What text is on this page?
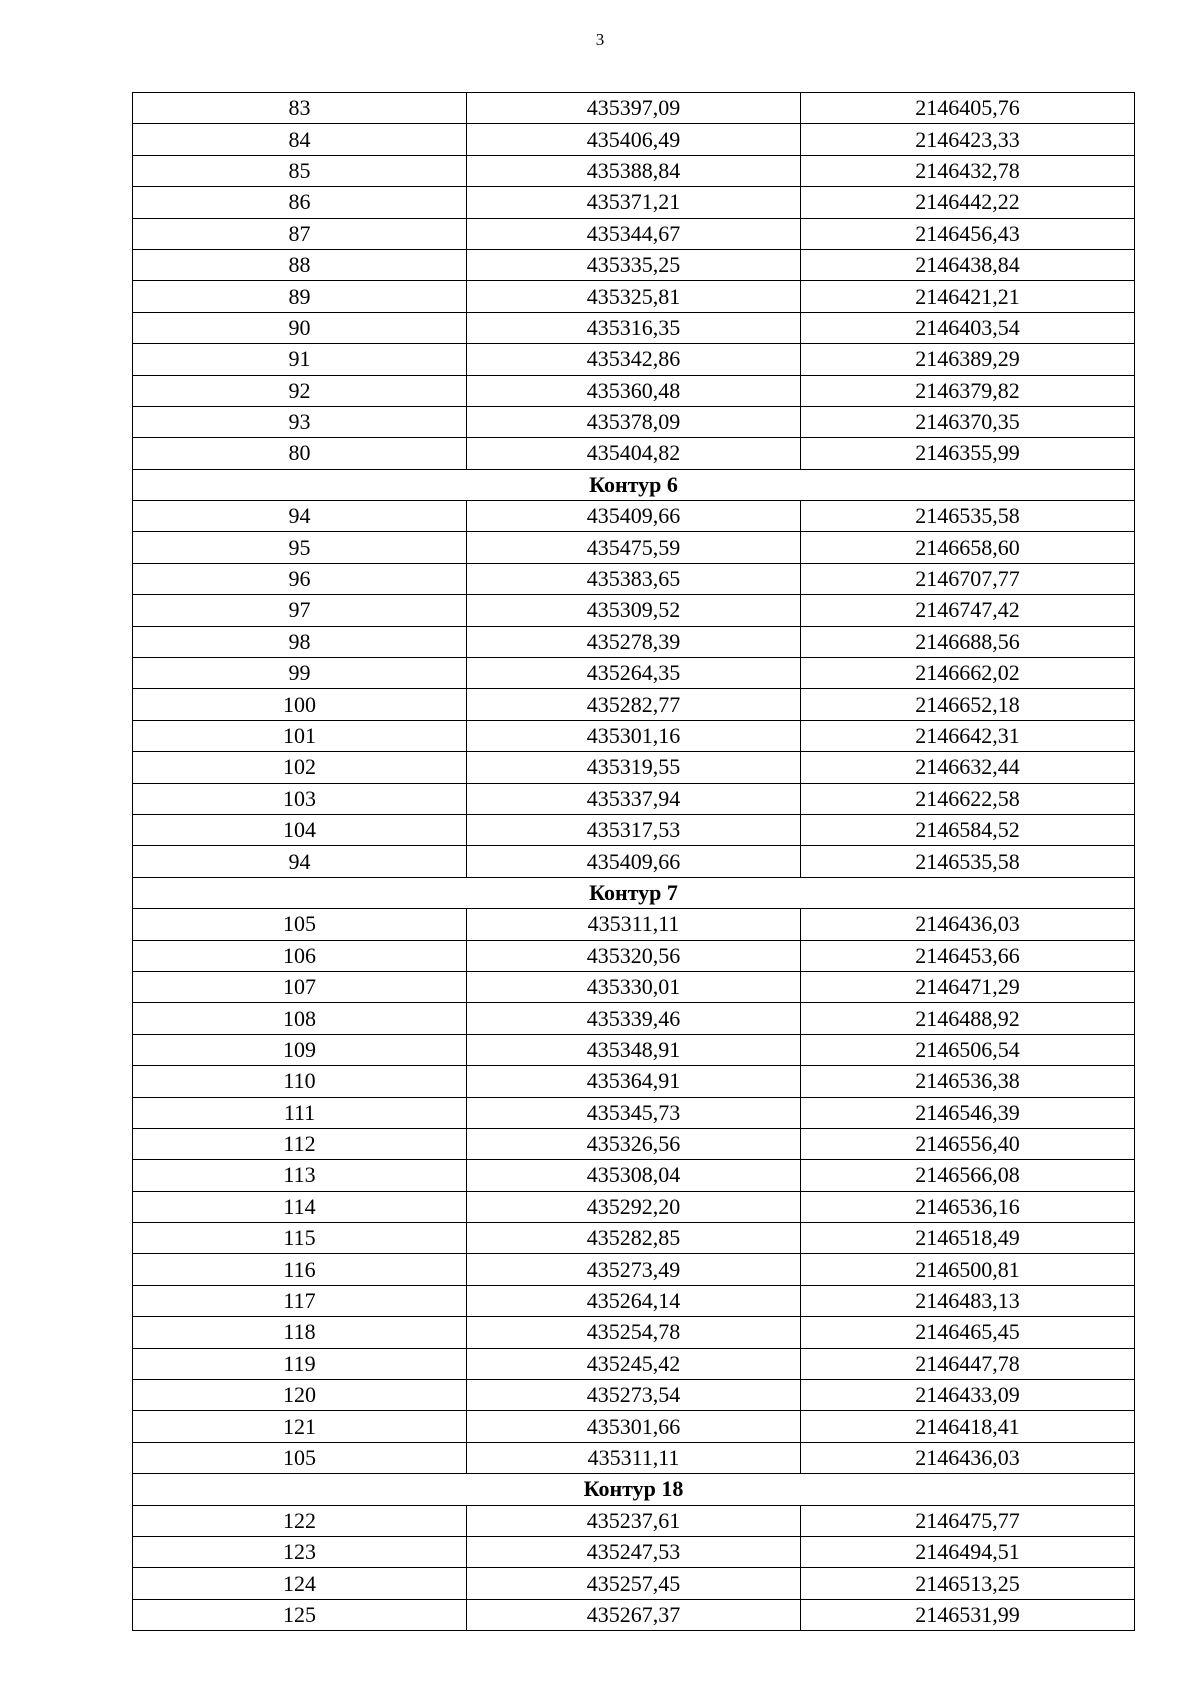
3
83	435397,09	2146405,76
84	435406,49	2146423,33
85	435388,84	2146432,78
86	435371,21	2146442,22
87	435344,67	2146456,43
88	435335,25	2146438,84
89	435325,81	2146421,21
90	435316,35	2146403,54
91	435342,86	2146389,29
92	435360,48	2146379,82
93	435378,09	2146370,35
80	435404,82	2146355,99
Контур 6		
94	435409,66	2146535,58
95	435475,59	2146658,60
96	435383,65	2146707,77
97	435309,52	2146747,42
98	435278,39	2146688,56
99	435264,35	2146662,02
100	435282,77	2146652,18
101	435301,16	2146642,31
102	435319,55	2146632,44
103	435337,94	2146622,58
104	435317,53	2146584,52
94	435409,66	2146535,58
Контур 7		
105	435311,11	2146436,03
106	435320,56	2146453,66
107	435330,01	2146471,29
108	435339,46	2146488,92
109	435348,91	2146506,54
110	435364,91	2146536,38
111	435345,73	2146546,39
112	435326,56	2146556,40
113	435308,04	2146566,08
114	435292,20	2146536,16
115	435282,85	2146518,49
116	435273,49	2146500,81
117	435264,14	2146483,13
118	435254,78	2146465,45
119	435245,42	2146447,78
120	435273,54	2146433,09
121	435301,66	2146418,41
105	435311,11	2146436,03
Контур 18		
122	435237,61	2146475,77
123	435247,53	2146494,51
124	435257,45	2146513,25
125	435267,37	2146531,99
